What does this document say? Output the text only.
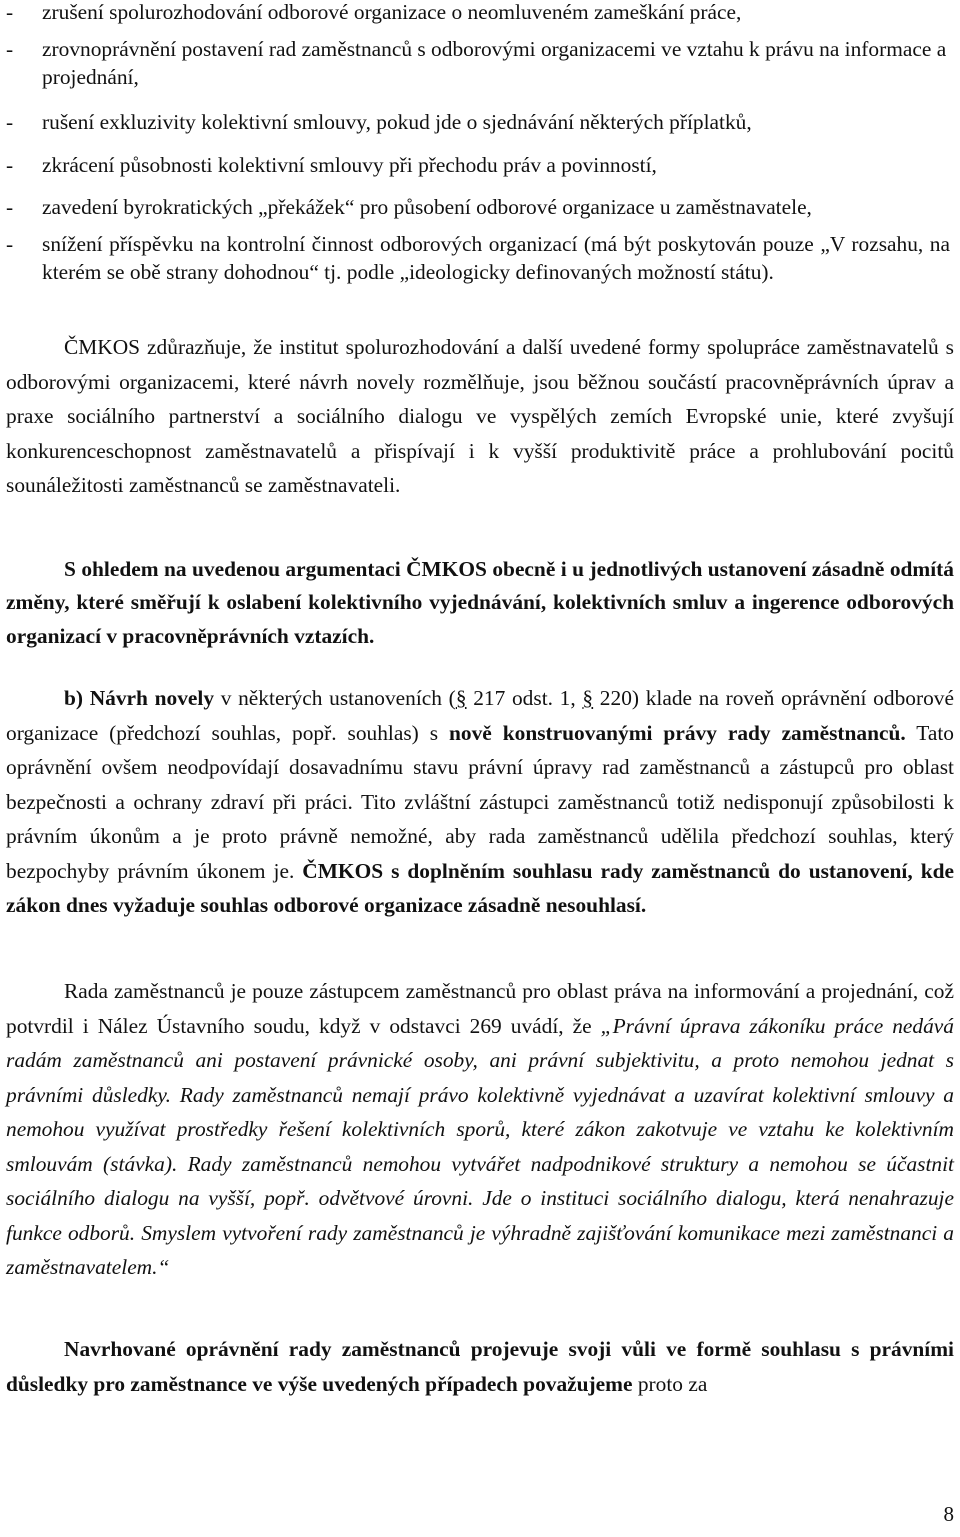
- zrušení spolurozhodování odborové organizace o neomluveném zameškání práce,
- zrovnoprávnění postavení rad zaměstnanců s odborovými organizacemi ve vztahu k právu na informace a projednání,
- rušení exkluzivity kolektivní smlouvy, pokud jde o sjednávání některých příplatků,
- zkrácení působnosti kolektivní smlouvy při přechodu práv a povinností,
- zavedení byrokratických „překážek“ pro působení odborové organizace u zaměstnavatele,
- snížení příspěvku na kontrolní činnost odborových organizací (má být poskytován pouze „V rozsahu, na kterém se obě strany dohodnou“ tj. podle „ideologicky definovaných možností státu).

ČMKOS zdůrazňuje, že institut spolurozhodování a další uvedené formy spolupráce zaměstnavatelů s odborovými organizacemi, které návrh novely rozmělňuje, jsou běžnou součástí pracovněprávních úprav a praxe sociálního partnerství a sociálního dialogu ve vyspělých zemích Evropské unie, které zvyšují konkurenceschopnost zaměstnavatelů a přispívají i k vyšší produktivitě práce a prohlubování pocitů sounáležitosti zaměstnanců se zaměstnavateli.

S ohledem na uvedenou argumentaci ČMKOS obecně i u jednotlivých ustanovení zásadně odmítá změny, které směřují k oslabení kolektivního vyjednávání, kolektivních smluv a ingerence odborových organizací v pracovněprávních vztazích.

b) Návrh novely v některých ustanoveních (§ 217 odst. 1, § 220) klade na roveň oprávnění odborové organizace (předchozí souhlas, popř. souhlas) s nově konstruovanými právy rady zaměstnanců. Tato oprávnění ovšem neodpovídají dosavadnímu stavu právní úpravy rad zaměstnanců a zástupců pro oblast bezpečnosti a ochrany zdraví při práci. Tito zvláštní zástupci zaměstnanců totiž nedisponují způsobilosti k právním úkonům a je proto právně nemožné, aby rada zaměstnanců udělila předchozí souhlas, který bezpochyby právním úkonem je. ČMKOS s doplněním souhlasu rady zaměstnanců do ustanovení, kde zákon dnes vyžaduje souhlas odborové organizace zásadně nesouhlasí.

Rada zaměstnanců je pouze zástupcem zaměstnanců pro oblast práva na informování a projednání, což potvrdil i Nález Ústavního soudu, když v odstavci 269 uvádí, že „Právní úprava zákoníku práce nedává radám zaměstnanců ani postavení právnické osoby, ani právní subjektivitu, a proto nemohou jednat s právními důsledky. Rady zaměstnanců nemají právo kolektivně vyjednávat a uzavírat kolektivní smlouvy a nemohou využívat prostředky řešení kolektivních sporů, které zákon zakotvuje ve vztahu ke kolektivním smlouvám (stávka). Rady zaměstnanců nemohou vytvářet nadpodnikové struktury a nemohou se účastnit sociálního dialogu na vyšší, popř. odvětvové úrovni. Jde o instituci sociálního dialogu, která nenahrazuje funkce odborů. Smyslem vytvoření rady zaměstnanců je výhradně zajišťování komunikace mezi zaměstnanci a zaměstnavatelem.“

Navrhované oprávnění rady zaměstnanců projevuje svoji vůli ve formě souhlasu s právními důsledky pro zaměstnance ve výše uvedených případech považujeme proto za

8
